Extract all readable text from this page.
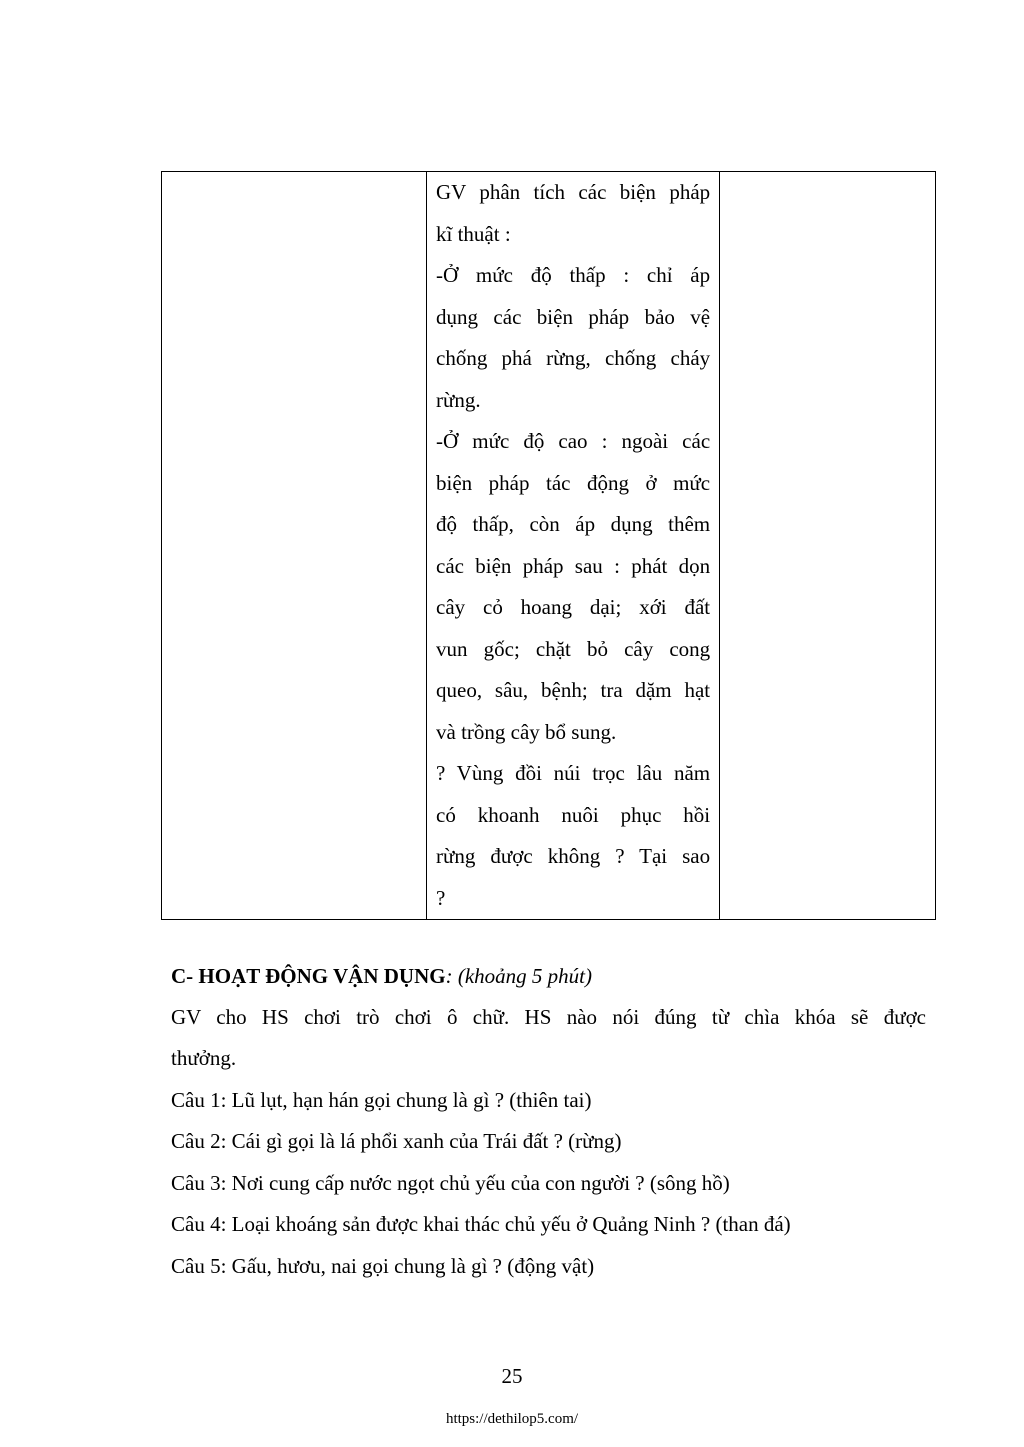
GV phân tích các biện pháp
kĩ thuật :
-Ở mức độ thấp : chỉ áp
dụng các biện pháp bảo vệ
chống phá rừng, chống cháy
rừng.
-Ở mức độ cao : ngoài các
biện pháp tác động ở mức
độ thấp, còn áp dụng thêm
các biện pháp sau : phát dọn
cây cỏ hoang dại; xới đất
vun gốc; chặt bỏ cây cong
queo, sâu, bệnh; tra dặm hạt
và trồng cây bổ sung.
? Vùng đồi núi trọc lâu năm
có khoanh nuôi phục hồi
rừng được không ? Tại sao
?

C- HOẠT ĐỘNG VẬN DỤNG: (khoảng 5 phút)
GV cho HS chơi trò chơi ô chữ. HS nào nói đúng từ chìa khóa sẽ được
thưởng.
Câu 1: Lũ lụt, hạn hán gọi chung là gì ? (thiên tai)
Câu 2: Cái gì gọi là lá phổi xanh của Trái đất ? (rừng)
Câu 3: Nơi cung cấp nước ngọt chủ yếu của con người ? (sông hồ)
Câu 4: Loại khoáng sản được khai thác chủ yếu ở Quảng Ninh ? (than đá)
Câu 5: Gấu, hươu, nai gọi chung là gì ? (động vật)
25
https://dethilop5.com/
